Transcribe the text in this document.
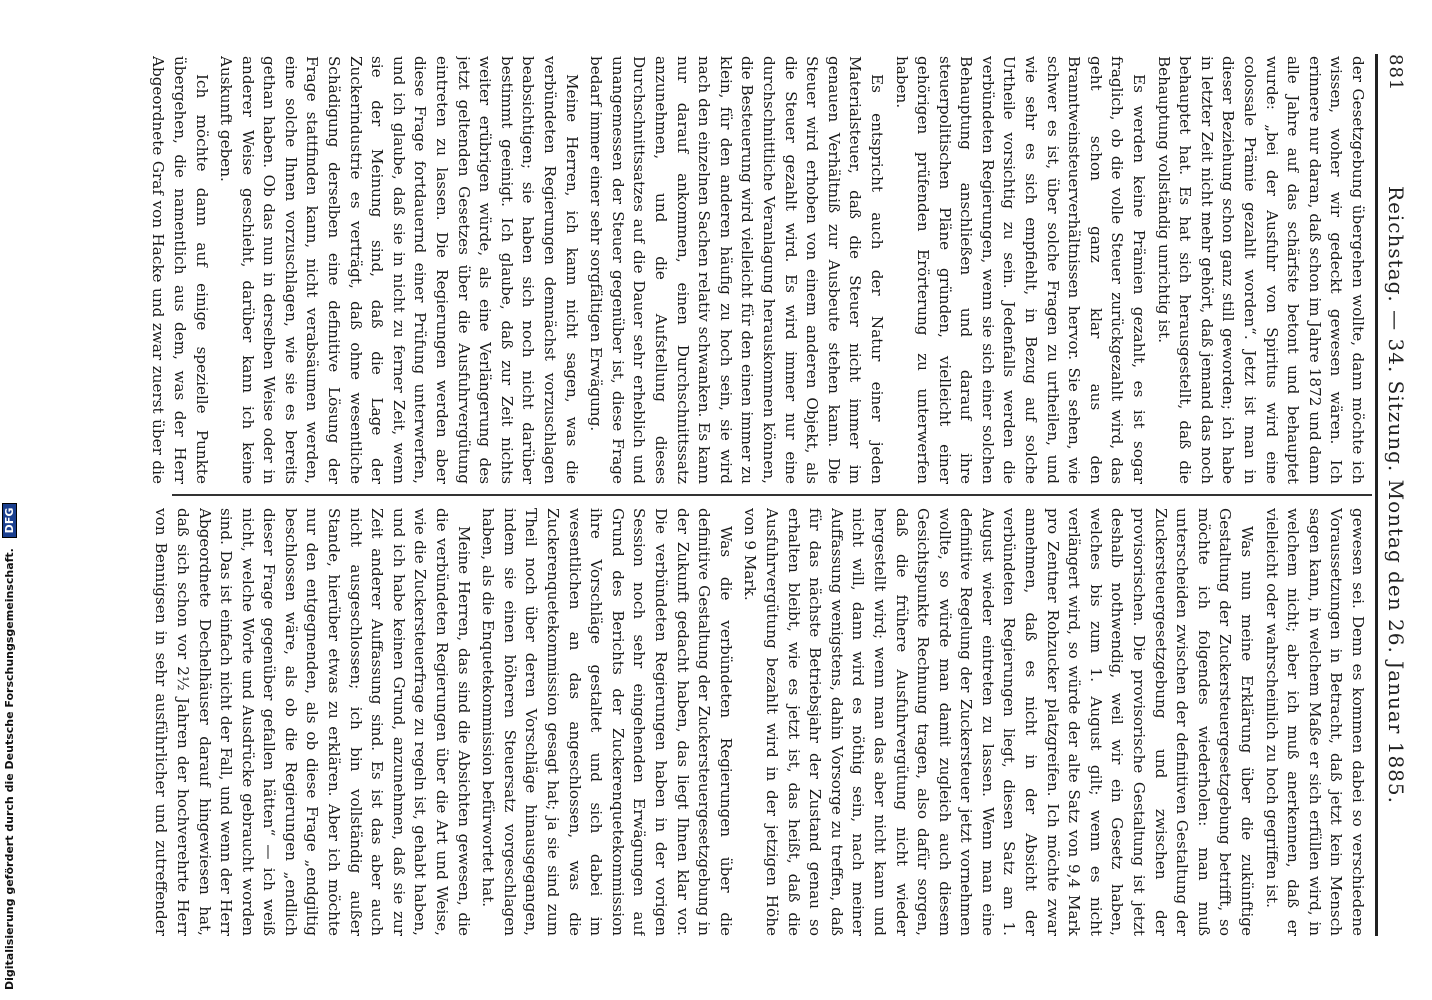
Reichstag. — 34. Sitzung. Montag den 26. Januar 1885.
881

der Gesetzgebung übergehen wollte, dann möchte ich wissen, woher wir gedeckt gewesen wären. Ich erinnere nur daran, daß schon im Jahre 1872 und dann alle Jahre auf das schärfste betont und behauptet wurde: „bei der Ausfuhr von Spiritus wird eine colossale Prämie gezahlt worden“. Jetzt ist man in dieser Beziehung schon ganz still geworden; ich habe in letzter Zeit nicht mehr gehört, daß jemand das noch behauptet hat. Es hat sich herausgestellt, daß die Behauptung vollständig unrichtig ist.

Es werden keine Prämien gezahlt, es ist sogar fraglich, ob die volle Steuer zurückgezahlt wird, das geht schon ganz klar aus den Branntweinsteuerverhältnissen hervor. Sie sehen, wie schwer es ist, über solche Fragen zu urtheilen, und wie sehr es sich empfiehlt, in Bezug auf solche Urtheile vorsichtig zu sein. Jedenfalls werden die verbündeten Regierungen, wenn sie sich einer solchen Behauptung anschließen und darauf ihre steuerpolitischen Pläne gründen, vielleicht einer gehörigen prüfenden Erörterung zu unterwerfen haben.

Es entspricht auch der Natur einer jeden Materialsteuer, daß die Steuer nicht immer im genauen Verhältniß zur Ausbeute stehen kann. Die Steuer wird erhoben von einem anderen Objekt, als die Steuer gezahlt wird. Es wird immer nur eine durchschnittliche Veranlagung herauskommen können, die Besteuerung wird vielleicht für den einen immer zu klein, für den anderen häufig zu hoch sein, sie wird nach den einzelnen Sachen relativ schwanken. Es kann nur darauf ankommen, einen Durchschnittssatz anzunehmen, und die Aufstellung dieses Durchschnittssatzes auf die Dauer sehr erheblich und unangemessen der Steuer gegenüber ist, diese Frage bedarf immer einer sehr sorgfältigen Erwägung.

Meine Herren, ich kann nicht sagen, was die verbündeten Regierungen demnächst vorzuschlagen beabsichtigen; sie haben sich noch nicht darüber bestimmt geeinigt. Ich glaube, daß zur Zeit nichts weiter erübrigen würde, als eine Verlängerung des jetzt geltenden Gesetzes über die Ausfuhrvergütung eintreten zu lassen. Die Regierungen werden aber diese Frage fortdauernd einer Prüfung unterwerfen, und ich glaube, daß sie in nicht zu ferner Zeit, wenn sie der Meinung sind, daß die Lage der Zuckerindustrie es verträgt, daß ohne wesentliche Schädigung derselben eine definitive Lösung der Frage stattfinden kann, nicht verabsäumen werden, eine solche Ihnen vorzuschlagen, wie sie es bereits gethan haben. Ob das nun in derselben Weise oder in anderer Weise geschieht, darüber kann ich keine Auskunft geben.

Ich möchte dann auf einige spezielle Punkte übergehen, die namentlich aus dem, was der Herr Abgeordnete Graf von Hacke und zwar zuerst über die

gewesen sei. Denn es kommen dabei so verschiedene Voraussetzungen in Betracht, daß jetzt kein Mensch sagen kann, in welchem Maße er sich erfüllen wird, in welchem nicht; aber ich muß anerkennen, daß er vielleicht oder wahrscheinlich zu hoch gegriffen ist.

Was nun meine Erklärung über die zukünftige Gestaltung der Zuckersteuergesetzgebung betrifft, so möchte ich folgendes wiederholen: man muß unterscheiden zwischen der definitiven Gestaltung der Zuckersteuergesetzgebung und zwischen der provisorischen. Die provisorische Gestaltung ist jetzt deshalb nothwendig, weil wir ein Gesetz haben, welches bis zum 1. August gilt; wenn es nicht verlängert wird, so würde der alte Satz von 9,4 Mark pro Zentner Rohzucker platzgreifen. Ich möchte zwar annehmen, daß es nicht in der Absicht der verbündeten Regierungen liegt, diesen Satz am 1. August wieder eintreten zu lassen. Wenn man eine definitive Regelung der Zuckersteuer jetzt vornehmen wollte, so würde man damit zugleich auch diesem Gesichtspunkte Rechnung tragen, also dafür sorgen, daß die frühere Ausfuhrvergütung nicht wieder hergestellt wird; wenn man das aber nicht kann und nicht will, dann wird es nöthig sein, nach meiner Auffassung wenigstens, dahin Vorsorge zu treffen, daß für das nächste Betriebsjahr der Zustand genau so erhalten bleibt, wie es jetzt ist, das heißt, daß die Ausfuhrvergütung bezahlt wird in der jetzigen Höhe von 9 Mark.

Was die verbündeten Regierungen über die definitive Gestaltung der Zuckersteuergesetzgebung in der Zukunft gedacht haben, das liegt Ihnen klar vor. Die verbündeten Regierungen haben in der vorigen Session noch sehr eingehenden Erwägungen auf Grund des Berichts der Zuckerenquetekommission ihre Vorschläge gestaltet und sich dabei im wesentlichen an das angeschlossen, was die Zuckerenquetekommission gesagt hat; ja sie sind zum Theil noch über deren Vorschläge hinausgegangen, indem sie einen höheren Steuersatz vorgeschlagen haben, als die Enquetekommission befürwortet hat.

Meine Herren, das sind die Absichten gewesen, die die verbündeten Regierungen über die Art und Weise, wie die Zuckersteuerfrage zu regeln ist, gehabt haben, und ich habe keinen Grund, anzunehmen, daß sie zur Zeit anderer Auffassung sind. Es ist das aber auch nicht ausgeschlossen; ich bin vollständig außer Stande, hierüber etwas zu erklären. Aber ich möchte nur den entgegnenden, als ob diese Frage „endgiltig beschlossen wäre, als ob die Regierungen „endlich dieser Frage gegenüber gefallen hätten“ — ich weiß nicht, welche Worte und Ausdrücke gebraucht worden sind. Das ist einfach nicht der Fall, und wenn der Herr Abgeordnete Dechelhäuser darauf hingewiesen hat, daß sich schon vor 2½ Jahren der hochverehrte Herr von Bennigsen in sehr ausführlicher und zutreffender

Digitalisierung gefördert durch die Deutsche Forschungsgemeinschaft. DFG
